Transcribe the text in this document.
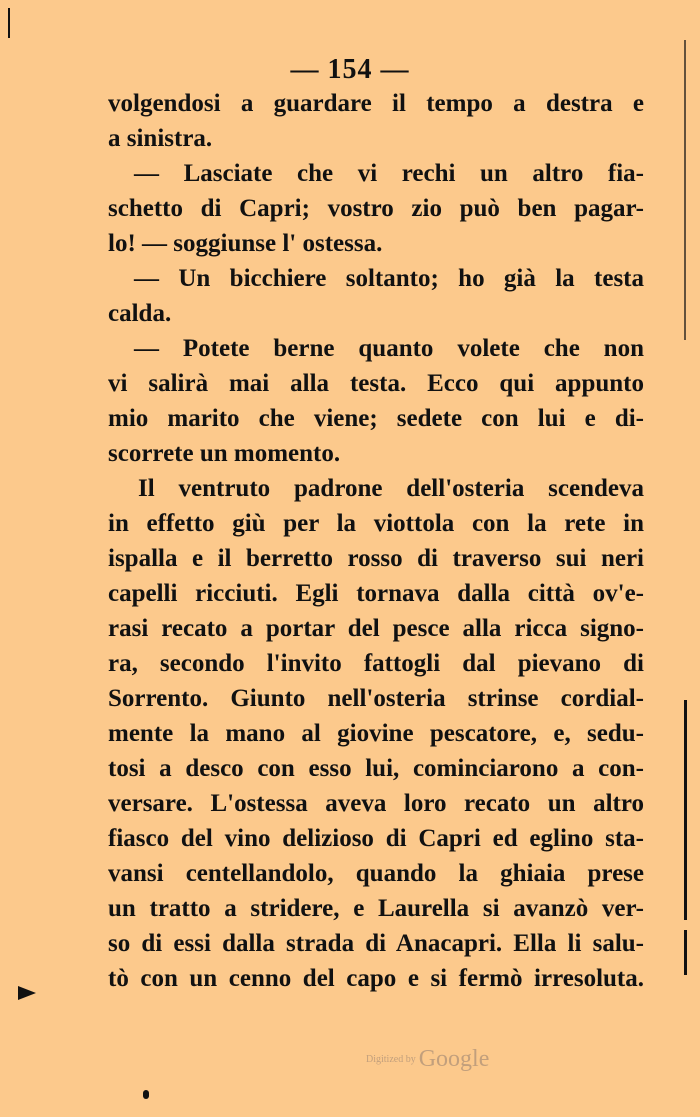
— 154 —
volgendosi a guardare il tempo a destra e
a sinistra.
— Lasciate che vi rechi un altro fia-
schetto di Capri; vostro zio può ben pagar-
lo! — soggiunse l' ostessa.
— Un bicchiere soltanto; ho già la testa
calda.
— Potete berne quanto volete che non
vi salirà mai alla testa. Ecco qui appunto
mio marito che viene; sedete con lui e di-
scorrete un momento.
Il ventruto padrone dell'osteria scendeva
in effetto giù per la viottola con la rete in
ispalla e il berretto rosso di traverso sui neri
capelli ricciuti. Egli tornava dalla città ov'e-
rasi recato a portar del pesce alla ricca signo-
ra, secondo l'invito fattogli dal pievano di
Sorrento. Giunto nell'osteria strinse cordial-
mente la mano al giovine pescatore, e, sedu-
tosi a desco con esso lui, cominciarono a con-
versare. L'ostessa aveva loro recato un altro
fiasco del vino delizioso di Capri ed eglino sta-
vansi centellandolo, quando la ghiaia prese
un tratto a stridere, e Laurella si avanzò ver-
so di essi dalla strada di Anacapri. Ella li salu-
tò con un cenno del capo e si fermò irresoluta.
Digitized by Google
